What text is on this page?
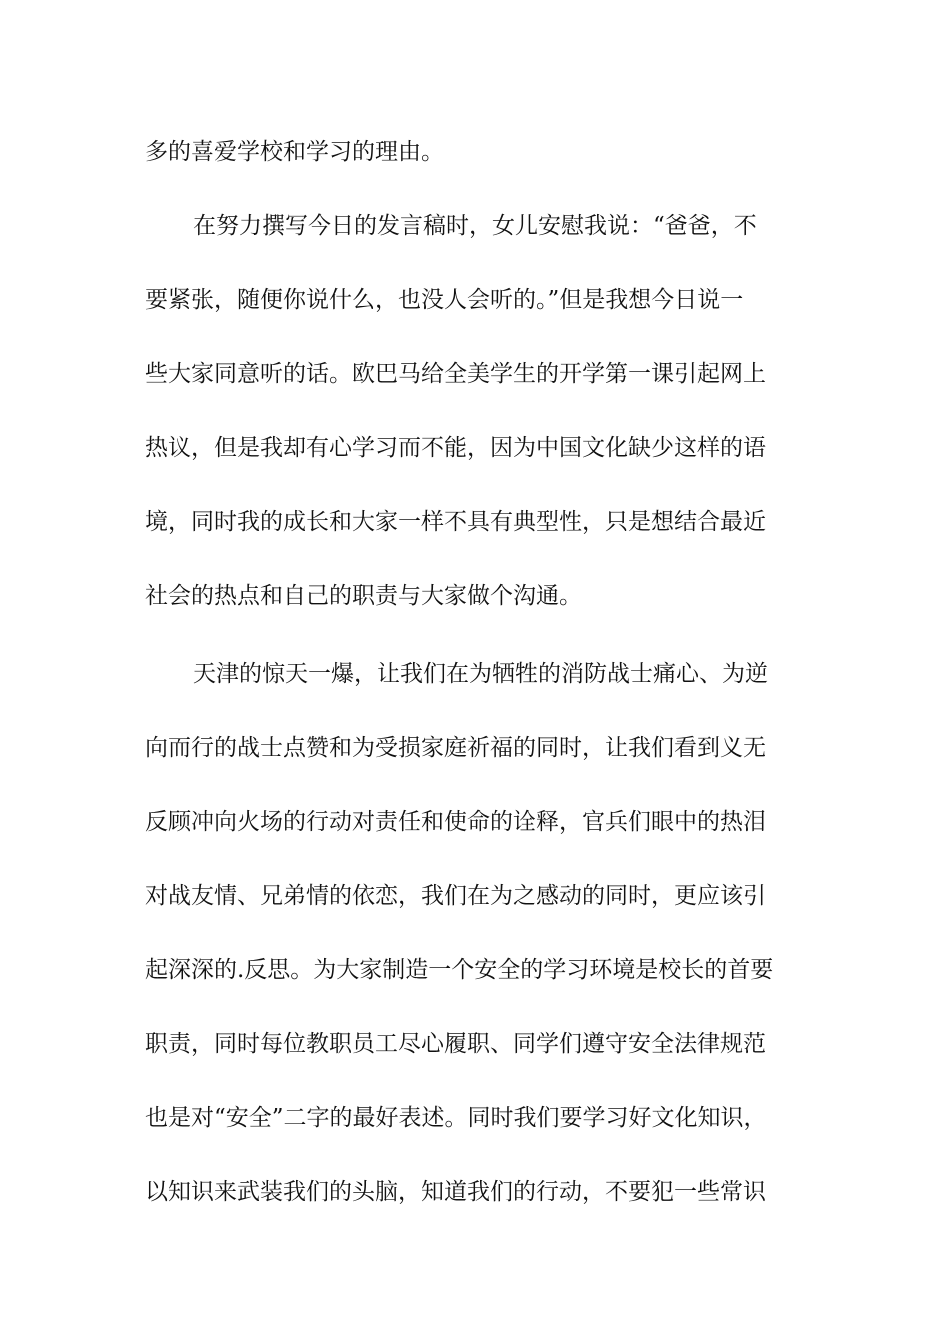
多的喜爱学校和学习的理由。
在努力撰写今日的发言稿时，女儿安慰我说：“爸爸，不
要紧张，随便你说什么，也没人会听的。”但是我想今日说一
些大家同意听的话。欧巴马给全美学生的开学第一课引起网上
热议，但是我却有心学习而不能，因为中国文化缺少这样的语
境，同时我的成长和大家一样不具有典型性，只是想结合最近
社会的热点和自己的职责与大家做个沟通。
天津的惊天一爆，让我们在为牺牲的消防战士痛心、为逆
向而行的战士点赞和为受损家庭祈福的同时，让我们看到义无
反顾冲向火场的行动对责任和使命的诠释，官兵们眼中的热泪
对战友情、兄弟情的依恋，我们在为之感动的同时，更应该引
起深深的.反思。为大家制造一个安全的学习环境是校长的首要
职责，同时每位教职员工尽心履职、同学们遵守安全法律规范
也是对“安全”二字的最好表述。同时我们要学习好文化知识，
以知识来武装我们的头脑，知道我们的行动，不要犯一些常识
